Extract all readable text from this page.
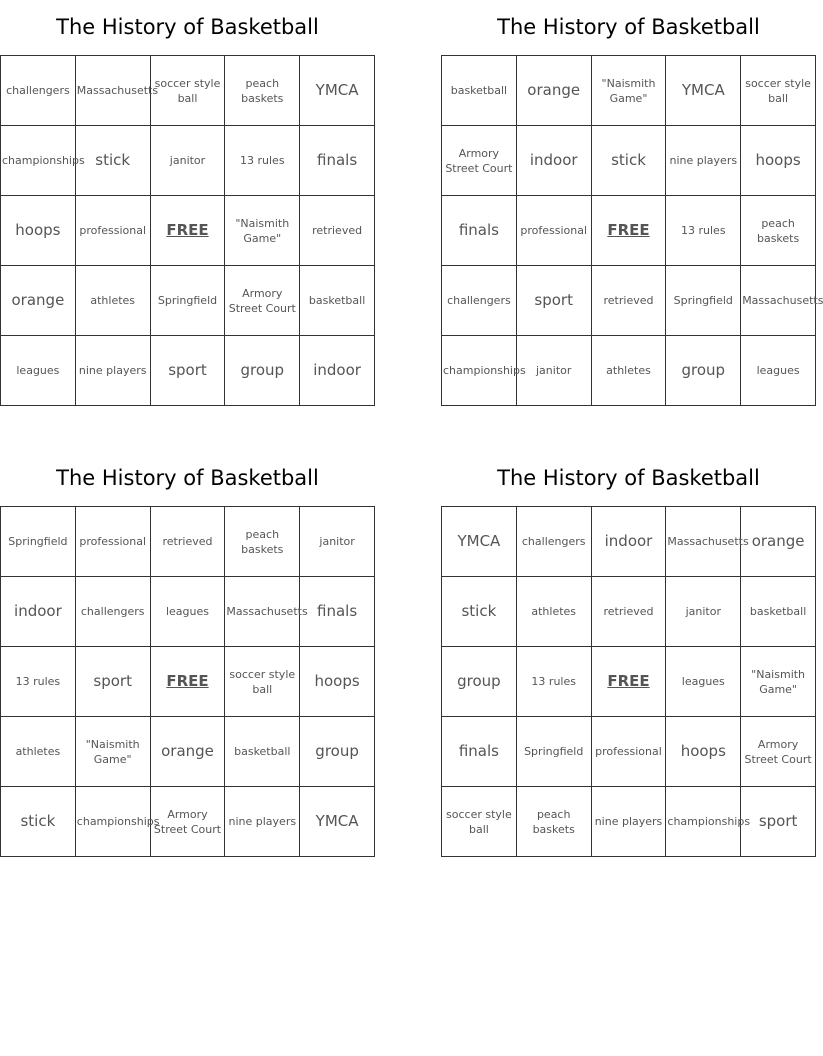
The History of Basketball
challengers	Massachusetts	soccer style ball	peach baskets	YMCA
championships	stick	janitor	13 rules	finals
hoops	professional	FREE	"Naismith Game"	retrieved
orange	athletes	Springfield	Armory Street Court	basketball
leagues	nine players	sport	group	indoor
The History of Basketball
basketball	orange	"Naismith Game"	YMCA	soccer style ball
Armory Street Court	indoor	stick	nine players	hoops
finals	professional	FREE	13 rules	peach baskets
challengers	sport	retrieved	Springfield	Massachusetts
championships	janitor	athletes	group	leagues
The History of Basketball
Springfield	professional	retrieved	peach baskets	janitor
indoor	challengers	leagues	Massachusetts	finals
13 rules	sport	FREE	soccer style ball	hoops
athletes	"Naismith Game"	orange	basketball	group
stick	championships	Armory Street Court	nine players	YMCA
The History of Basketball
YMCA	challengers	indoor	Massachusetts	orange
stick	athletes	retrieved	janitor	basketball
group	13 rules	FREE	leagues	"Naismith Game"
finals	Springfield	professional	hoops	Armory Street Court
soccer style ball	peach baskets	nine players	championships	sport
